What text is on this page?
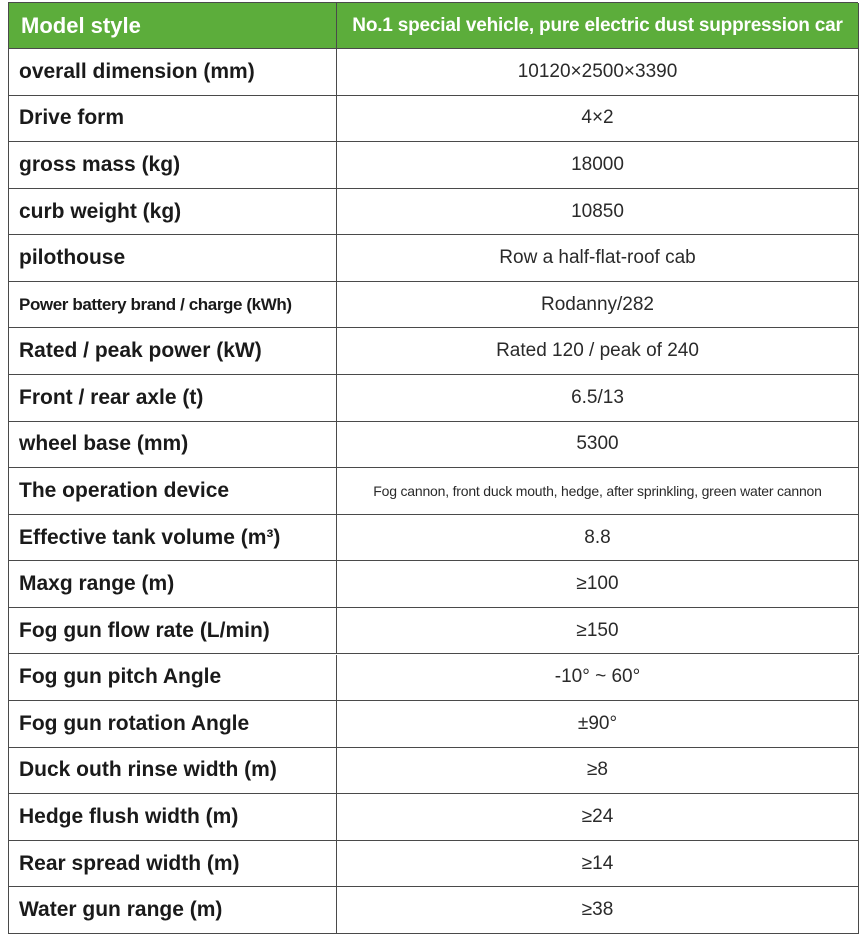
Model style	No.1 special vehicle, pure electric dust suppression car
overall dimension (mm)	10120×2500×3390
Drive form	4×2
gross mass (kg)	18000
curb weight (kg)	10850
pilothouse	Row a half-flat-roof cab
Power battery brand / charge (kWh)	Rodanny/282
Rated / peak power (kW)	Rated 120 / peak of 240
Front / rear axle (t)	6.5/13
wheel base (mm)	5300
The operation device	Fog cannon, front duck mouth, hedge, after sprinkling, green water cannon
Effective tank volume (m³)	8.8
Maxg range (m)	≥100
Fog gun flow rate (L/min)	≥150
Fog gun pitch Angle	-10° ~ 60°
Fog gun rotation Angle	±90°
Duck outh rinse width (m)	≥8
Hedge flush width (m)	≥24
Rear spread width (m)	≥14
Water gun range (m)	≥38
